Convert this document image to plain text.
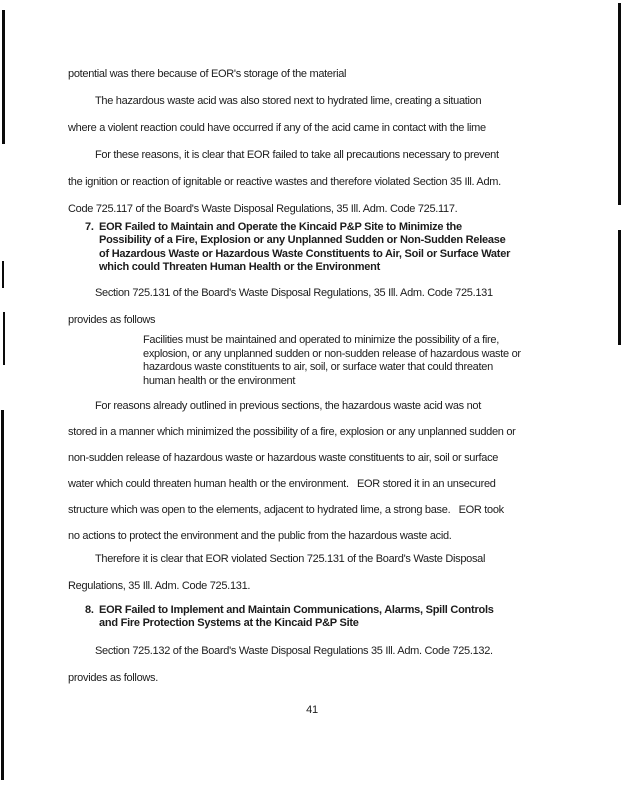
potential was there because of EOR's storage of the material
The hazardous waste acid was also stored next to hydrated lime, creating a situation
where a violent reaction could have occurred if any of the acid came in contact with the lime
For these reasons, it is clear that EOR failed to take all precautions necessary to prevent
the ignition or reaction of ignitable or reactive wastes and therefore violated Section 35 Ill. Adm.
Code 725.117 of the Board's Waste Disposal Regulations, 35 Ill. Adm. Code 725.117.
7. EOR Failed to Maintain and Operate the Kincaid P&P Site to Minimize the
Possibility of a Fire, Explosion or any Unplanned Sudden or Non-Sudden Release
of Hazardous Waste or Hazardous Waste Constituents to Air, Soil or Surface Water
which could Threaten Human Health or the Environment
Section 725.131 of the Board's Waste Disposal Regulations, 35 Ill. Adm. Code 725.131
provides as follows
Facilities must be maintained and operated to minimize the possibility of a fire,
explosion, or any unplanned sudden or non-sudden release of hazardous waste or
hazardous waste constituents to air, soil, or surface water that could threaten
human health or the environment
For reasons already outlined in previous sections, the hazardous waste acid was not
stored in a manner which minimized the possibility of a fire, explosion or any unplanned sudden or
non-sudden release of hazardous waste or hazardous waste constituents to air, soil or surface
water which could threaten human health or the environment.   EOR stored it in an unsecured
structure which was open to the elements, adjacent to hydrated lime, a strong base.   EOR took
no actions to protect the environment and the public from the hazardous waste acid.
Therefore it is clear that EOR violated Section 725.131 of the Board's Waste Disposal
Regulations, 35 Ill. Adm. Code 725.131.
8. EOR Failed to Implement and Maintain Communications, Alarms, Spill Controls
and Fire Protection Systems at the Kincaid P&P Site
Section 725.132 of the Board's Waste Disposal Regulations 35 Ill. Adm. Code 725.132.
provides as follows.
41
